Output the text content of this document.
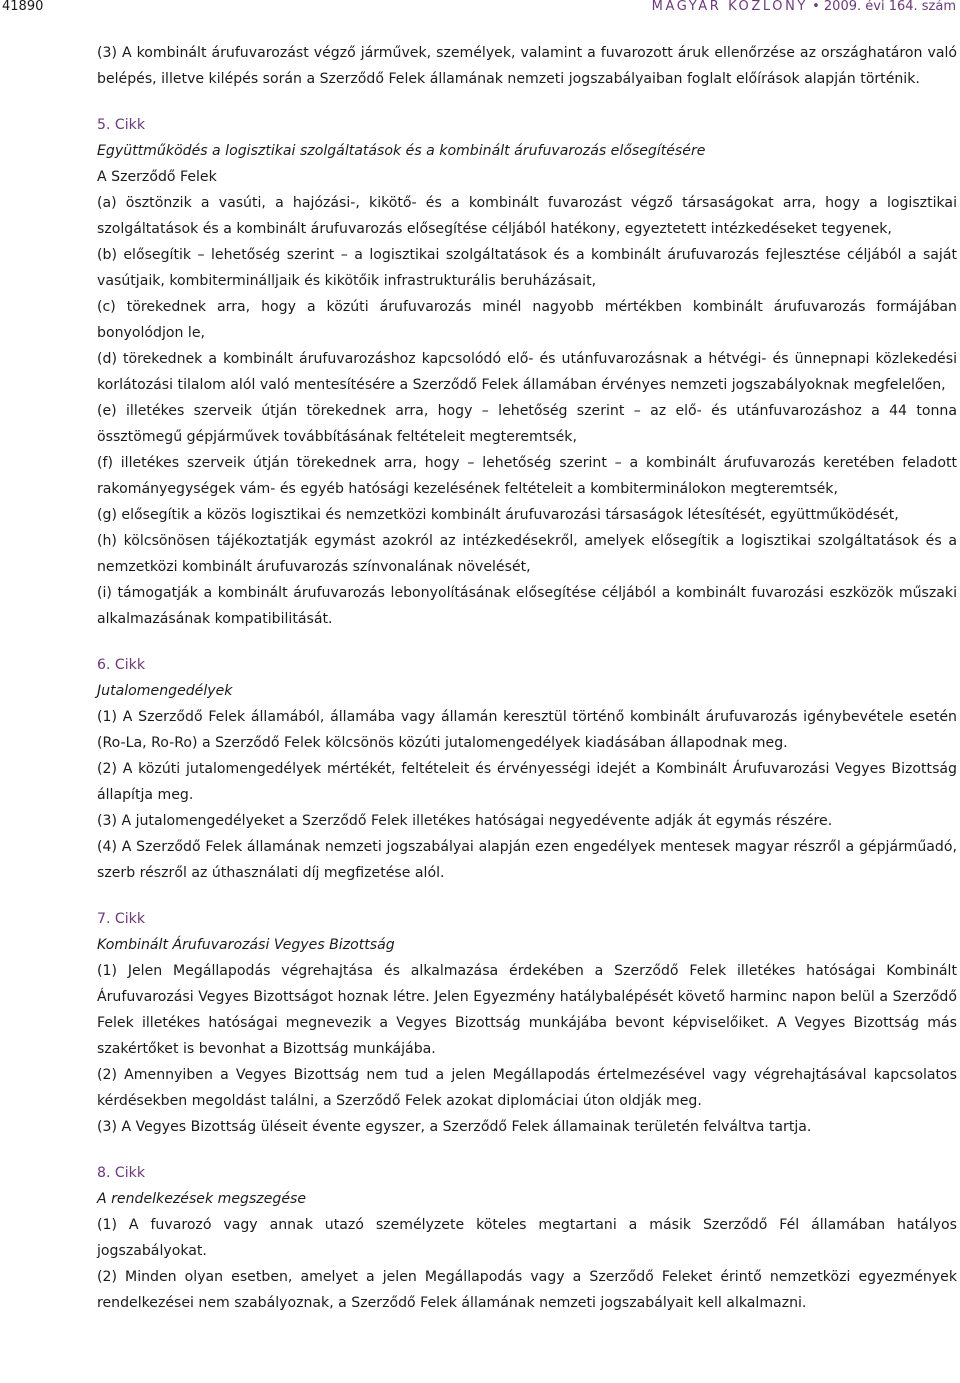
41890	MAGYAR KÖZLÖNY • 2009. évi 164. szám

(3) A kombinált árufuvarozást végző járművek, személyek, valamint a fuvarozott áruk ellenőrzése az országhatáron való belépés, illetve kilépés során a Szerződő Felek államának nemzeti jogszabályaiban foglalt előírások alapján történik.

5. Cikk

Együttműködés a logisztikai szolgáltatások és a kombinált árufuvarozás elősegítésére

A Szerződő Felek

(a) ösztönzik a vasúti, a hajózási-, kikötő- és a kombinált fuvarozást végző társaságokat arra, hogy a logisztikai szolgáltatások és a kombinált árufuvarozás elősegítése céljából hatékony, egyeztetett intézkedéseket tegyenek,

(b) elősegítik – lehetőség szerint – a logisztikai szolgáltatások és a kombinált árufuvarozás fejlesztése céljából a saját vasútjaik, kombiterminálljaik és kikötőik infrastrukturális beruházásait,

(c) törekednek arra, hogy a közúti árufuvarozás minél nagyobb mértékben kombinált árufuvarozás formájában bonyolódjon le,

(d) törekednek a kombinált árufuvarozáshoz kapcsolódó elő- és utánfuvarozásnak a hétvégi- és ünnepnapi közlekedési korlátozási tilalom alól való mentesítésére a Szerződő Felek államában érvényes nemzeti jogszabályoknak megfelelően,

(e) illetékes szerveik útján törekednek arra, hogy – lehetőség szerint – az elő- és utánfuvarozáshoz a 44 tonna össztömegű gépjárművek továbbításának feltételeit megteremtsék,

(f) illetékes szerveik útján törekednek arra, hogy – lehetőség szerint – a kombinált árufuvarozás keretében feladott rakományegységek vám- és egyéb hatósági kezelésének feltételeit a kombiterminálokon megteremtsék,

(g) elősegítik a közös logisztikai és nemzetközi kombinált árufuvarozási társaságok létesítését, együttműködését,

(h) kölcsönösen tájékoztatják egymást azokról az intézkedésekről, amelyek elősegítik a logisztikai szolgáltatások és a nemzetközi kombinált árufuvarozás színvonalának növelését,

(i) támogatják a kombinált árufuvarozás lebonyolításának elősegítése céljából a kombinált fuvarozási eszközök műszaki alkalmazásának kompatibilitását.

6. Cikk

Jutalomengedélyek

(1) A Szerződő Felek államából, államába vagy államán keresztül történő kombinált árufuvarozás igénybevétele esetén (Ro-La, Ro-Ro) a Szerződő Felek kölcsönös közúti jutalomengedélyek kiadásában állapodnak meg.

(2) A közúti jutalomengedélyek mértékét, feltételeit és érvényességi idejét a Kombinált Árufuvarozási Vegyes Bizottság állapítja meg.

(3) A jutalomengedélyeket a Szerződő Felek illetékes hatóságai negyedévente adják át egymás részére.

(4) A Szerződő Felek államának nemzeti jogszabályai alapján ezen engedélyek mentesek magyar részről a gépjárműadó, szerb részről az úthasználati díj megfizetése alól.

7. Cikk

Kombinált Árufuvarozási Vegyes Bizottság

(1) Jelen Megállapodás végrehajtása és alkalmazása érdekében a Szerződő Felek illetékes hatóságai Kombinált Árufuvarozási Vegyes Bizottságot hoznak létre. Jelen Egyezmény hatálybalépését követő harminc napon belül a Szerződő Felek illetékes hatóságai megnevezik a Vegyes Bizottság munkájába bevont képviselőiket. A Vegyes Bizottság más szakértőket is bevonhat a Bizottság munkájába.

(2) Amennyiben a Vegyes Bizottság nem tud a jelen Megállapodás értelmezésével vagy végrehajtásával kapcsolatos kérdésekben megoldást találni, a Szerződő Felek azokat diplomáciai úton oldják meg.

(3) A Vegyes Bizottság üléseit évente egyszer, a Szerződő Felek államainak területén felváltva tartja.

8. Cikk

A rendelkezések megszegése

(1) A fuvarozó vagy annak utazó személyzete köteles megtartani a másik Szerződő Fél államában hatályos jogszabályokat.

(2) Minden olyan esetben, amelyet a jelen Megállapodás vagy a Szerződő Feleket érintő nemzetközi egyezmények rendelkezései nem szabályoznak, a Szerződő Felek államának nemzeti jogszabályait kell alkalmazni.
